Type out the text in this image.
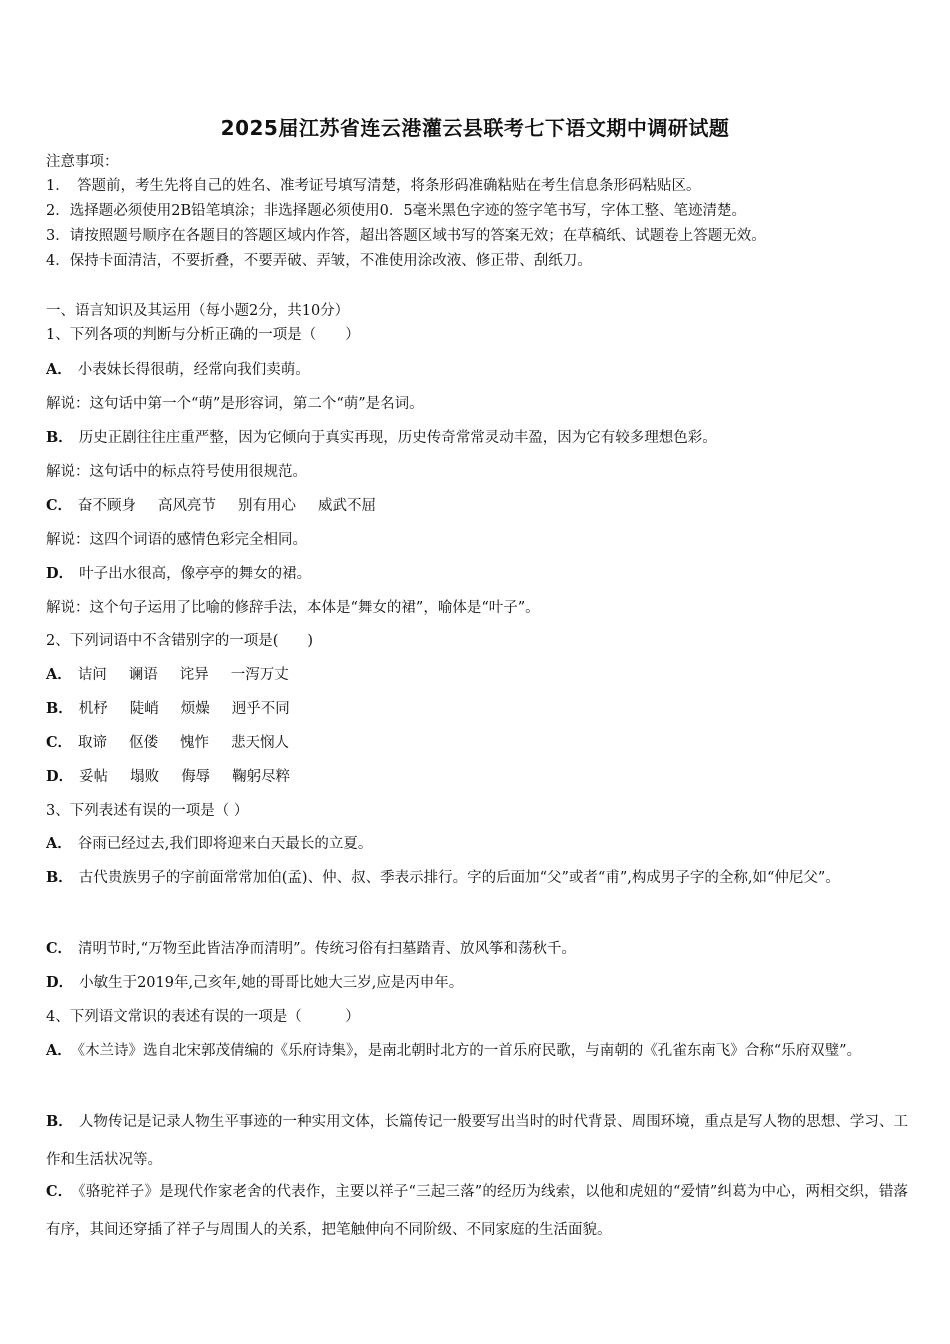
2025届江苏省连云港灌云县联考七下语文期中调研试题
注意事项：
1．　答题前，考生先将自己的姓名、准考证号填写清楚，将条形码准确粘贴在考生信息条形码粘贴区。
2．选择题必须使用2B铅笔填涂；非选择题必须使用0．5毫米黑色字迹的签字笔书写，字体工整、笔迹清楚。
3．请按照题号顺序在各题目的答题区域内作答，超出答题区域书写的答案无效；在草稿纸、试题卷上答题无效。
4．保持卡面清洁，不要折叠，不要弄破、弄皱，不准使用涂改液、修正带、刮纸刀。
一、语言知识及其运用（每小题2分，共10分）
1、下列各项的判断与分析正确的一项是（　　）
A． 小表妹长得很萌，经常向我们卖萌。
解说：这句话中第一个“萌”是形容词，第二个“萌”是名词。
B． 历史正剧往往庄重严整，因为它倾向于真实再现，历史传奇常常灵动丰盈，因为它有较多理想色彩。
解说：这句话中的标点符号使用很规范。
C． 奋不顾身 高风亮节 别有用心 威武不屈
解说：这四个词语的感情色彩完全相同。
D． 叶子出水很高，像亭亭的舞女的裙。
解说：这个句子运用了比喻的修辞手法，本体是“舞女的裙”，喻体是“叶子”。
2、下列词语中不含错别字的一项是(　　)
A． 诘问 谰语 诧异 一泻万丈
B． 机杼 陡峭 烦燥 迥乎不同
C． 取谛 伛偻 愧怍 悲天悯人
D． 妥帖 塌败 侮辱 鞠躬尽粹
3、下列表述有误的一项是（ ）
A． 谷雨已经过去,我们即将迎来白天最长的立夏。
B． 古代贵族男子的字前面常常加伯(孟)、仲、叔、季表示排行。字的后面加“父”或者“甫”,构成男子字的全称,如“仲尼父”。
C． 清明节时,“万物至此皆洁净而清明”。传统习俗有扫墓踏青、放风筝和荡秋千。
D． 小敏生于2019年,己亥年,她的哥哥比她大三岁,应是丙申年。
4、下列语文常识的表述有误的一项是（　　　）
A． 《木兰诗》选自北宋郭茂倩编的《乐府诗集》，是南北朝时北方的一首乐府民歌，与南朝的《孔雀东南飞》合称“乐府双璧”。
B． 人物传记是记录人物生平事迹的一种实用文体，长篇传记一般要写出当时的时代背景、周围环境，重点是写人物的思想、学习、工作和生活状况等。
C． 《骆驼祥子》是现代作家老舍的代表作，主要以祥子“三起三落”的经历为线索，以他和虎妞的“爱情”纠葛为中心，两相交织，错落有序，其间还穿插了祥子与周围人的关系，把笔触伸向不同阶级、不同家庭的生活面貌。
